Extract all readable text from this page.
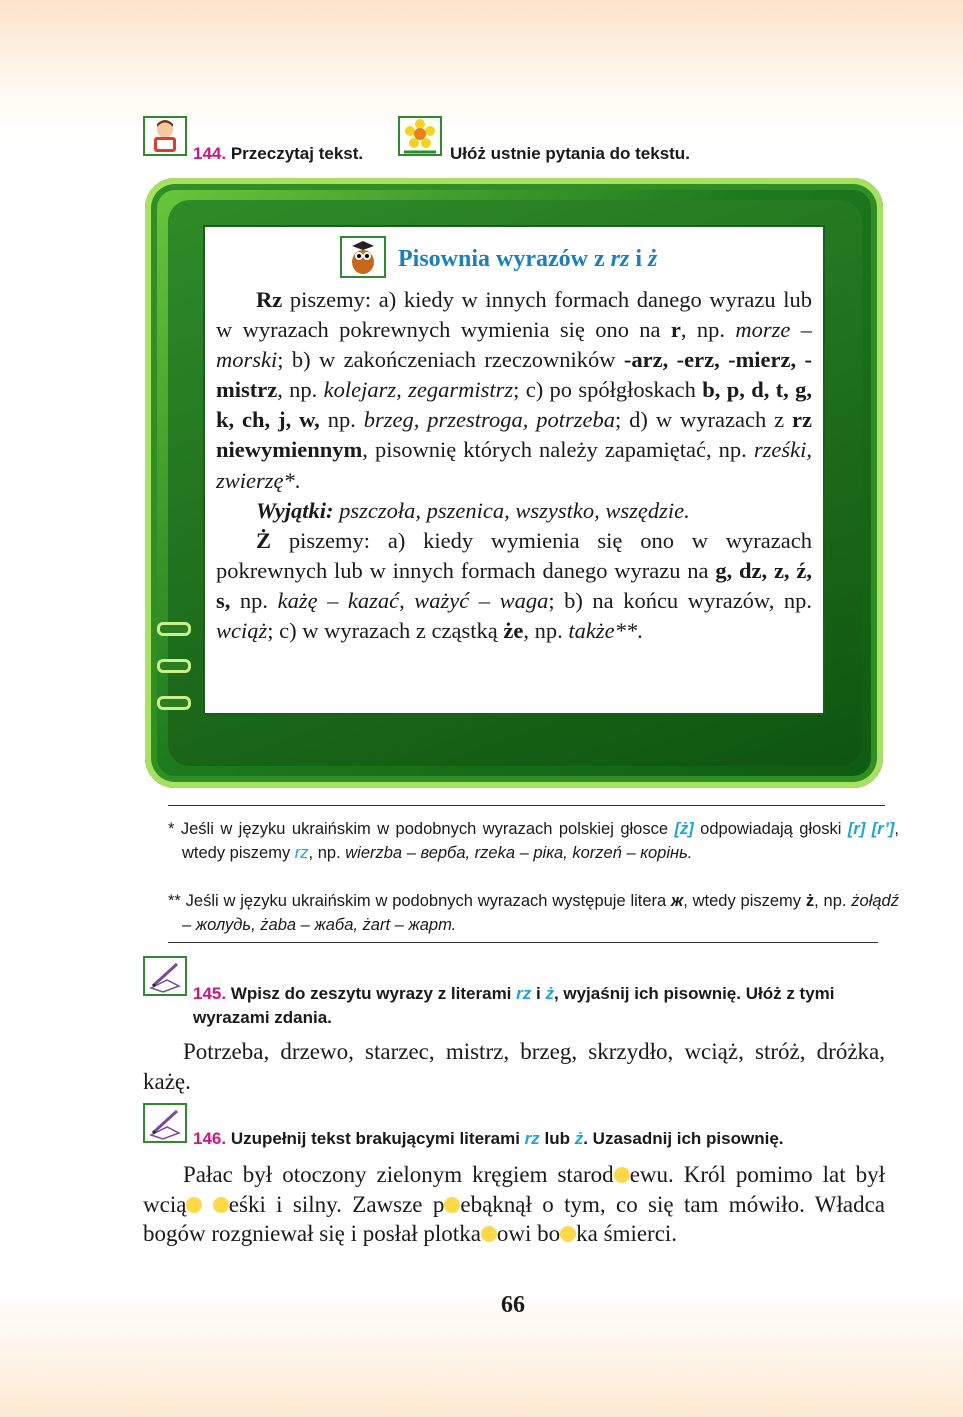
144. Przeczytaj tekst.	Ułóż ustnie pytania do tekstu.
Pisownia wyrazów z rz i ż

Rz piszemy: a) kiedy w innych formach danego wyrazu lub w wyrazach pokrewnych wymienia się ono na r, np. morze – morski; b) w zakończeniach rzeczowników -arz, -erz, -mierz, -mistrz, np. kolejarz, zegarmistrz; c) po spółgłoskach b, p, d, t, g, k, ch, j, w, np. brzeg, przestroga, potrzeba; d) w wyrazach z rz niewymiennym, pisownię których należy zapamiętać, np. rześki, zwierzę*.

Wyjątki: pszczoła, pszenica, wszystko, wszędzie.

Ż piszemy: a) kiedy wymienia się ono w wyrazach pokrewnych lub w innych formach danego wyrazu na g, dz, z, ź, s, np. każę – kazać, ważyć – waga; b) na końcu wyrazów, np. wciąż; c) w wyrazach z cząstką że, np. także**.

* Jeśli w języku ukraińskim w podobnych wyrazach polskiej głosce [ż] odpowiadają głoski [r] [r’], wtedy piszemy rz, np. wierzba – верба, rzeka – ріка, korzeń – корінь.
** Jeśli w języku ukraińskim w podobnych wyrazach występuje litera ж, wtedy piszemy ż, np. żołądź – жолудь, żaba – жаба, żart – жарт.
145. Wpisz do zeszytu wyrazy z literami rz i ż, wyjaśnij ich pisownię. Ułóż z tymi wyrazami zdania.
Potrzeba, drzewo, starzec, mistrz, brzeg, skrzydło, wciąż, stróż, dróżka, każę.
146. Uzupełnij tekst brakującymi literami rz lub ż. Uzasadnij ich pisownię.
Pałac był otoczony zielonym kręgiem starod ewu. Król pomimo lat był wcią eśki i silny. Zawsze p ebąknął o tym, co się tam mówiło. Władca bogów rozgniewał się i posłał plotka owi bo ka śmierci.
66
